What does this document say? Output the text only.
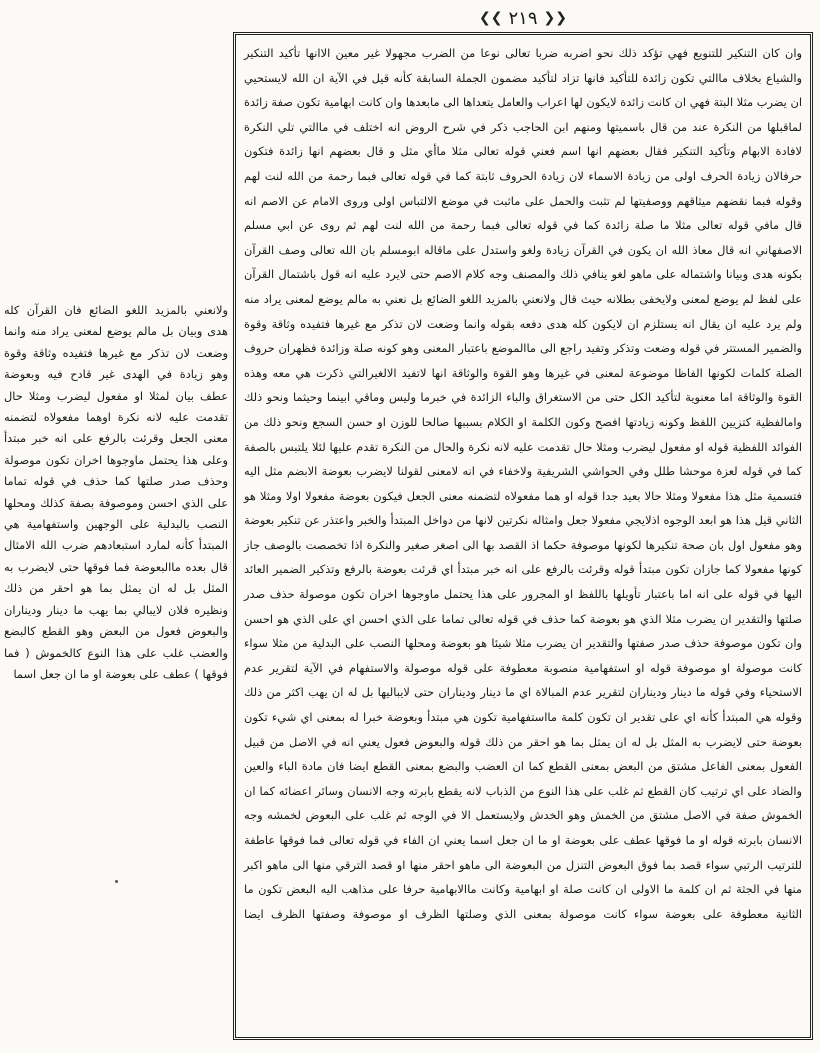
❮❮ ٢١٩ ❯❯

وان كان التنكير للتنويع فهي تؤكد ذلك نحو اضربه ضربا تعالى نوعا من الضرب مجهولا غير معين الاانها تأكيد التنكير والشياع بخلاف ماالتي تكون زائدة للتأكيد فانها تزاد لتأكيد مضمون الجملة السابقة كأنه قيل في الآية ان الله لايستحيي ان يضرب مثلا البتة فهي ان كانت زائدة لايكون لها اعراب والعامل يتعداها الى مابعدها وان كانت ابهامية تكون صفة زائدة لماقبلها من النكرة عند من قال باسميتها ومنهم ابن الحاجب ذكر في شرح الروض انه اختلف في ماالتي تلي النكرة لافادة الابهام وتأكيد التنكير فقال بعضهم انها اسم فعني قوله تعالى مثلا ماأي مثل و قال بعضهم انها زائدة فتكون حرفالان زيادة الحرف اولى من زيادة الاسماء لان زيادة الحروف ثابتة كما في قوله تعالى فبما رحمة من الله لنت لهم وقوله فبما نقضهم ميثاقهم ووصفيتها لم تثبت والحمل على ماثبت في موضع الالتباس اولى وروى الامام عن الاصم انه قال مافي قوله تعالى مثلا ما صلة زائدة كما في قوله تعالى فبما رحمة من الله لنت لهم ثم روى عن ابي مسلم الاصفهاني انه قال معاذ الله ان يكون في القرآن زيادة ولغو واستدل على ماقاله ابومسلم بان الله تعالى وصف القرآن بكونه هدى وبيانا واشتماله على ماهو لغو ينافي ذلك والمصنف وجه كلام الاصم حتى لايرد عليه انه قول باشتمال القرآن على لفظ لم يوضع لمعنى ولايخفى بطلانه حيث قال ولانعني بالمزيد اللغو الضائع بل نعني به مالم يوضع لمعنى يراد منه ولم يرد عليه ان يقال انه يستلزم ان لايكون كله هدى دفعه بقوله وانما وضعت لان تذكر مع غيرها فتفيده وثاقة وقوة والضمير المستتر في قوله وضعت وتذكر وتفيد راجع الى ماالموضع باعتبار المعنى وهو كونه صلة وزائدة فظهران حروف الصلة كلمات لكونها الفاظا موضوعة لمعنى في غيرها وهو القوة والوثاقة انها لاتفيد الالغيرالتي ذكرت هي معه وهذه القوة والوثاقة اما معنوية لتأكيد الكل حتى من الاستغراق والباء الزائدة في خبرما وليس وماقي ابينما وحيثما ونحو ذلك وامالفظية كتزيين اللفظ وكونه زيادتها افصح وكون الكلمة او الكلام بسببها صالحا للوزن او حسن السجع ونحو ذلك من الفوائد اللفظية قوله او مفعول ليضرب ومثلا حال تقدمت عليه لانه نكرة والحال من النكرة تقدم عليها لئلا يلتبس بالصفة كما في قوله لعزة موحشا طلل وفي الحواشي الشريفية ولاخفاء في انه لامعنى لقولنا لايضرب بعوضة الابضم مثل اليه فتسمية مثل هذا مفعولا ومثلا حالا بعيد جدا قوله او هما مفعولاه لتضمنه معنى الجعل فيكون بعوضة مفعولا اولا ومثلا هو الثاني قيل هذا هو ابعد الوجوه اذلايجي مفعولا جعل وامثاله نكرتين لانها من دواخل المبتدأ والخبر واعتذر عن تنكير بعوضة وهو مفعول اول بان صحة تنكيرها لكونها موصوفة حكما اذ القصد بها الى اصغر صغير والنكرة اذا تخصصت بالوصف جاز كونها مفعولا كما جازان تكون مبتدأ قوله وقرئت بالرفع على انه خبر مبتدأ اي قرئت بعوضة بالرفع وتذكير الضمير العائد اليها في قوله على انه اما باعتبار تأويلها باللفظ او المجرور على هذا يحتمل ماوجوها اخران تكون موصولة حذف صدر صلتها والتقدير ان يضرب مثلا الذي هو بعوضة كما حذف في قوله تعالى تماما على الذي احسن اي على الذي هو احسن وان تكون موصوفة حذف صدر صفتها والتقدير ان يضرب مثلا شيئا هو بعوضة ومحلها النصب على البدلية من مثلا سواء كانت موصولة او موصوفة قوله او استفهامية منصوبة معطوفة على قوله موصولة والاستفهام في الآية لتقرير عدم الاستحياء وفي قوله ما دينار وديناران لتقرير عدم المبالاة اي ما دينار وديناران حتى لايباليها بل له ان يهب اكثر من ذلك وقوله هي المبتدأ كأنه اي على تقدير ان تكون كلمة مااستفهامية تكون هي مبتدأ وبعوضة خبرا له بمعنى اي شيء تكون بعوضة حتى لايضرب به المثل بل له ان يمثل بما هو احقر من ذلك قوله والبعوض فعول يعني انه في الاصل من قبيل الفعول بمعنى الفاعل مشتق من البعض بمعنى القطع كما ان العضب والبضع بمعنى القطع ايضا فان مادة الباء والعين والضاد على اي ترتيب كان القطع ثم غلب على هذا النوع من الذباب لانه يقطع بابرته وجه الانسان وسائر اعضائه كما ان الخموش صفة في الاصل مشتق من الخمش وهو الخدش ولايستعمل الا في الوجه ثم غلب على البعوض لخمشه وجه الانسان بابرته قوله او ما فوقها عطف على بعوضة او ما ان جعل اسما يعني ان الفاء في قوله تعالى فما فوقها عاطفة للترتيب الرتبي سواء قصد بما فوق البعوض التنزل من البعوضة الى ماهو احقر منها او قصد الترقي منها الى ماهو اكبر منها في الجثة ثم ان كلمة ما الاولى ان كانت صلة او ابهامية وكانت ماالابهامية حرفا على مذاهب اليه البعض تكون ما الثانية معطوفة على بعوضة سواء كانت موصولة بمعنى الذي وصلتها الظرف او موصوفة وصفتها الظرف ايضا

ولانعني بالمزيد اللغو الضائع فان القرآن كله هدى وبيان بل مالم يوضع لمعنى يراد منه وانما وضعت لان تذكر مع غيرها فتفيده وثاقة وقوة وهو زيادة في الهدى غير قادح فيه وبعوضة عطف بيان لمثلا او مفعول ليضرب ومثلا حال تقدمت عليه لانه نكرة اوهما مفعولاه لتضمنه معنى الجعل وقرئت بالرفع على انه خبر مبتدأ وعلى هذا يحتمل ماوجوها اخران تكون موصولة وحذف صدر صلتها كما حذف في قوله تماما على الذي احسن وموصوفة بصفة كذلك ومحلها النصب بالبدلية على الوجهين واستفهامية هي المبتدأ كأنه لمارد استبعادهم ضرب الله الامثال قال بعده ماالبعوضة فما فوقها حتى لايضرب به المثل بل له ان يمثل بما هو احقر من ذلك ونظيره فلان لايبالي بما يهب ما دينار وديناران والبعوض فعول من البعض وهو القطع كالبضع والعضب غلب على هذا النوع كالخموش ( فما فوقها ) عطف على بعوضة او ما ان جعل اسما
